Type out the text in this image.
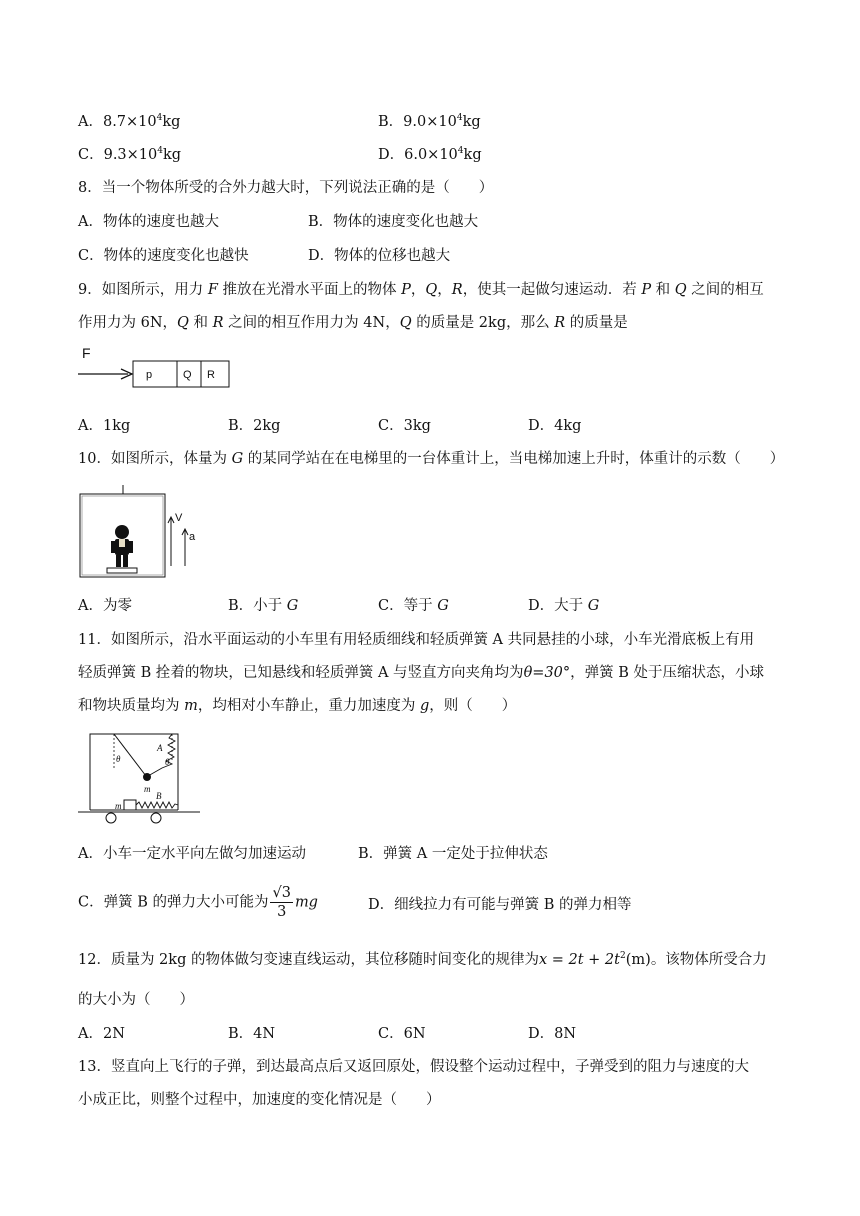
A．$8.7\times 10^4kg$	B．$9.0\times 10^4kg$
C．$9.3\times 10^4kg$	D．$6.0\times 10^4kg$
8．当一个物体所受的合外力越大时，下列说法正确的是（　　）
A．物体的速度也越大	B．物体的速度变化也越大
C．物体的速度变化也越快	D．物体的位移也越大
9．如图所示，用力 F 推放在光滑水平面上的物体 P，Q，R，使其一起做匀速运动．若 P 和 Q 之间的相互
作用力为 6N，Q 和 R 之间的相互作用力为 4N，Q 的质量是 2kg，那么 R 的质量是
F
p	Q R
A．1kg	B．2kg	C．3kg	D．4kg
10．如图所示，体量为 G 的某同学站在在电梯里的一台体重计上，当电梯加速上升时，体重计的示数（　　）
V
a
A．为零	B．小于 G	C．等于 G	D．大于 G
11．如图所示，沿水平面运动的小车里有用轻质细线和轻质弹簧 A 共同悬挂的小球，小车光滑底板上有用
轻质弹簧 B 拴着的物块，已知悬线和轻质弹簧 A 与竖直方向夹角均为θ=30°，弹簧 B 处于压缩状态，小球
和物块质量均为 m，均相对小车静止，重力加速度为 g，则（　　）
θ
A
θ
m
m
B
A．小车一定水平向左做匀加速运动	B．弹簧 A 一定处于拉伸状态
C．弹簧 B 的弹力大小可能为 $\frac{√3}{3}$ mg	D．细线拉力有可能与弹簧 B 的弹力相等
12．质量为 2kg 的物体做匀变速直线运动，其位移随时间变化的规律为$x = 2t + 2t^2(m)$。该物体所受合力
的大小为（　　）
A．2N	B．4N	C．6N	D．8N
13．竖直向上飞行的子弹，到达最高点后又返回原处，假设整个运动过程中，子弹受到的阻力与速度的大
小成正比，则整个过程中，加速度的变化情况是（　　）
